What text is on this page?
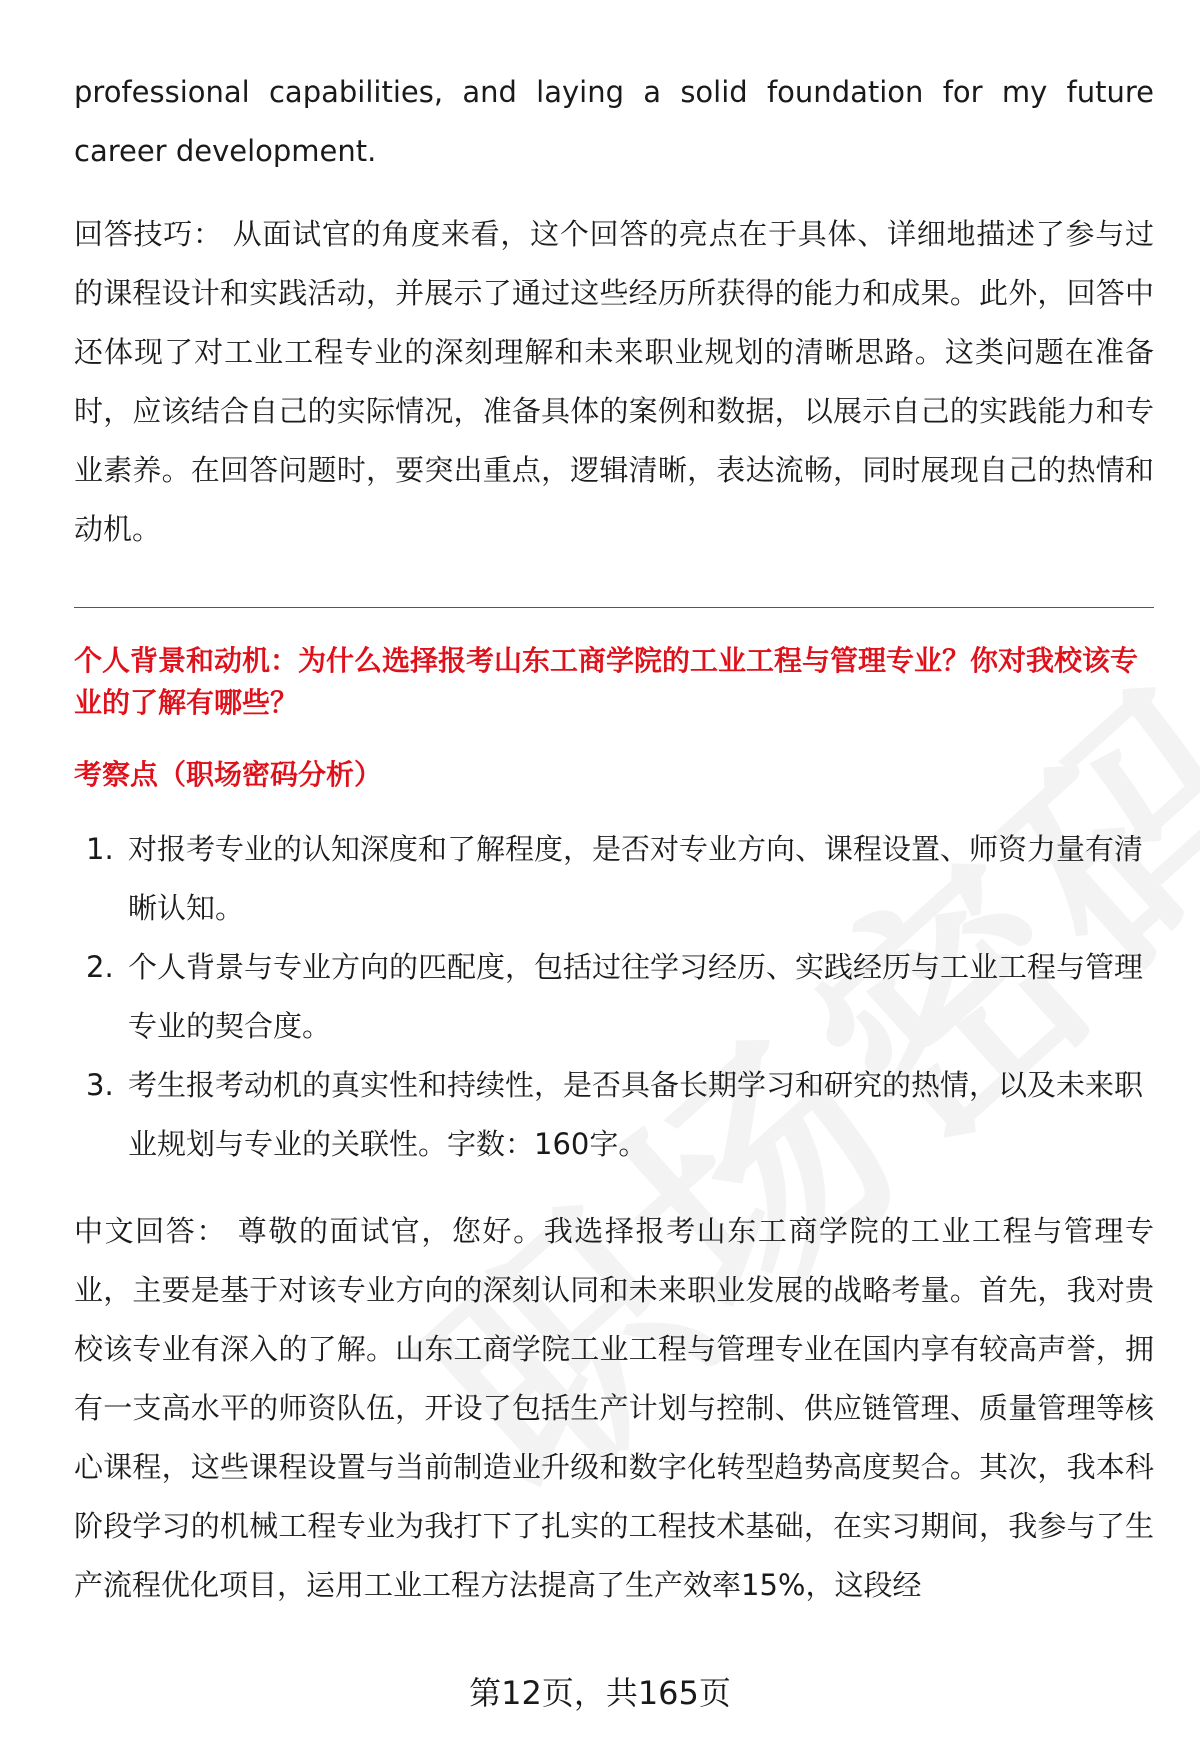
professional capabilities, and laying a solid foundation for my future career development.

回答技巧： 从面试官的角度来看，这个回答的亮点在于具体、详细地描述了参与过的课程设计和实践活动，并展示了通过这些经历所获得的能力和成果。此外，回答中还体现了对工业工程专业的深刻理解和未来职业规划的清晰思路。这类问题在准备时，应该结合自己的实际情况，准备具体的案例和数据，以展示自己的实践能力和专业素养。在回答问题时，要突出重点，逻辑清晰，表达流畅，同时展现自己的热情和动机。

个人背景和动机：为什么选择报考山东工商学院的工业工程与管理专业？你对我校该专业的了解有哪些？
考察点（职场密码分析）
1. 对报考专业的认知深度和了解程度，是否对专业方向、课程设置、师资力量有清晰认知。
2. 个人背景与专业方向的匹配度，包括过往学习经历、实践经历与工业工程与管理专业的契合度。
3. 考生报考动机的真实性和持续性，是否具备长期学习和研究的热情，以及未来职业规划与专业的关联性。字数：160字。

中文回答： 尊敬的面试官，您好。我选择报考山东工商学院的工业工程与管理专业，主要是基于对该专业方向的深刻认同和未来职业发展的战略考量。首先，我对贵校该专业有深入的了解。山东工商学院工业工程与管理专业在国内享有较高声誉，拥有一支高水平的师资队伍，开设了包括生产计划与控制、供应链管理、质量管理等核心课程，这些课程设置与当前制造业升级和数字化转型趋势高度契合。其次，我本科阶段学习的机械工程专业为我打下了扎实的工程技术基础，在实习期间，我参与了生产流程优化项目，运用工业工程方法提高了生产效率15%，这段经

第12页，共165页
